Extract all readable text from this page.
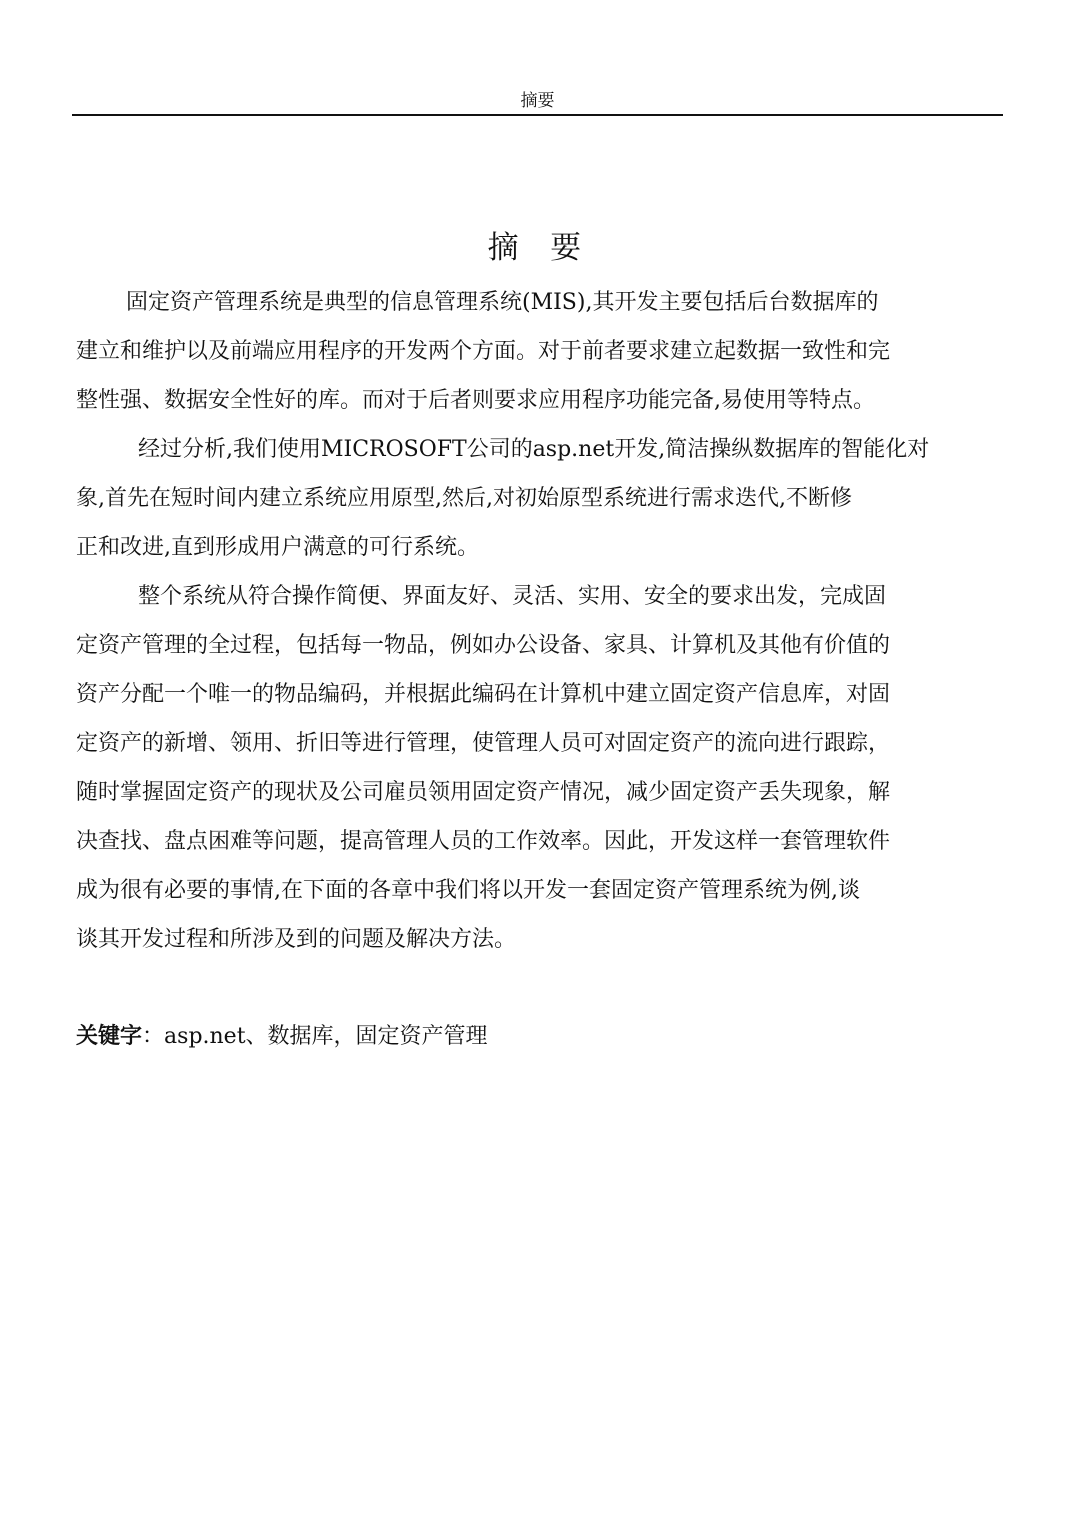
摘要
摘 要
固定资产管理系统是典型的信息管理系统(MIS),其开发主要包括后台数据库的
建立和维护以及前端应用程序的开发两个方面。对于前者要求建立起数据一致性和完
整性强、数据安全性好的库。而对于后者则要求应用程序功能完备,易使用等特点。
经过分析,我们使用MICROSOFT公司的asp.net开发,简洁操纵数据库的智能化对
象,首先在短时间内建立系统应用原型,然后,对初始原型系统进行需求迭代,不断修
正和改进,直到形成用户满意的可行系统。
整个系统从符合操作简便、界面友好、灵活、实用、安全的要求出发，完成固
定资产管理的全过程，包括每一物品，例如办公设备、家具、计算机及其他有价值的
资产分配一个唯一的物品编码，并根据此编码在计算机中建立固定资产信息库，对固
定资产的新增、领用、折旧等进行管理，使管理人员可对固定资产的流向进行跟踪，
随时掌握固定资产的现状及公司雇员领用固定资产情况，减少固定资产丢失现象，解
决查找、盘点困难等问题，提高管理人员的工作效率。因此，开发这样一套管理软件
成为很有必要的事情,在下面的各章中我们将以开发一套固定资产管理系统为例,谈
谈其开发过程和所涉及到的问题及解决方法。
关键字：asp.net、数据库，固定资产管理
